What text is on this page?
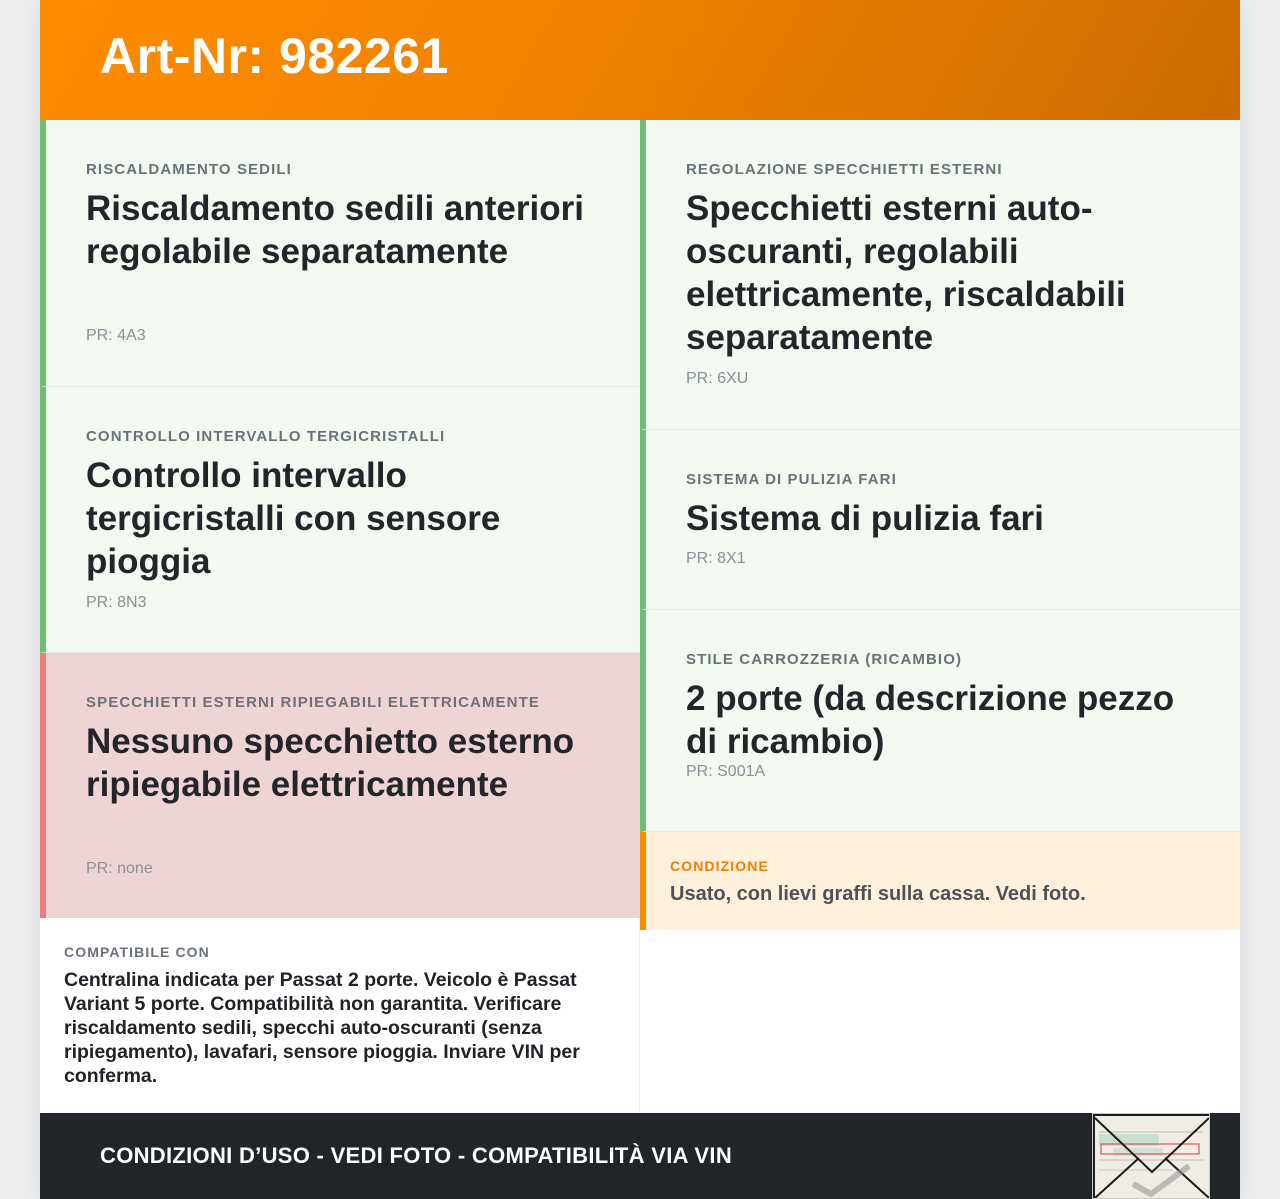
Art-Nr: 982261
RISCALDAMENTO SEDILI
Riscaldamento sedili anteriori regolabile separatamente
PR: 4A3
CONTROLLO INTERVALLO TERGICRISTALLI
Controllo intervallo tergicristalli con sensore pioggia
PR: 8N3
SPECCHIETTI ESTERNI RIPIEGABILI ELETTRICAMENTE
Nessuno specchietto esterno ripiegabile elettricamente
PR: none
REGOLAZIONE SPECCHIETTI ESTERNI
Specchietti esterni auto-oscuranti, regolabili elettricamente, riscaldabili separatamente
PR: 6XU
SISTEMA DI PULIZIA FARI
Sistema di pulizia fari
PR: 8X1
STILE CARROZZERIA (RICAMBIO)
2 porte (da descrizione pezzo di ricambio)
PR: S001A
COMPATIBILE CON

Centralina indicata per Passat 2 porte. Veicolo è Passat Variant 5 porte. Compatibilità non garantita. Verificare riscaldamento sedili, specchi auto-oscuranti (senza ripiegamento), lavafari, sensore pioggia. Inviare VIN per conferma.

CONDIZIONE

Usato, con lievi graffi sulla cassa. Vedi foto.

CONDIZIONI D’USO - VEDI FOTO - COMPATIBILITÀ VIA VIN
